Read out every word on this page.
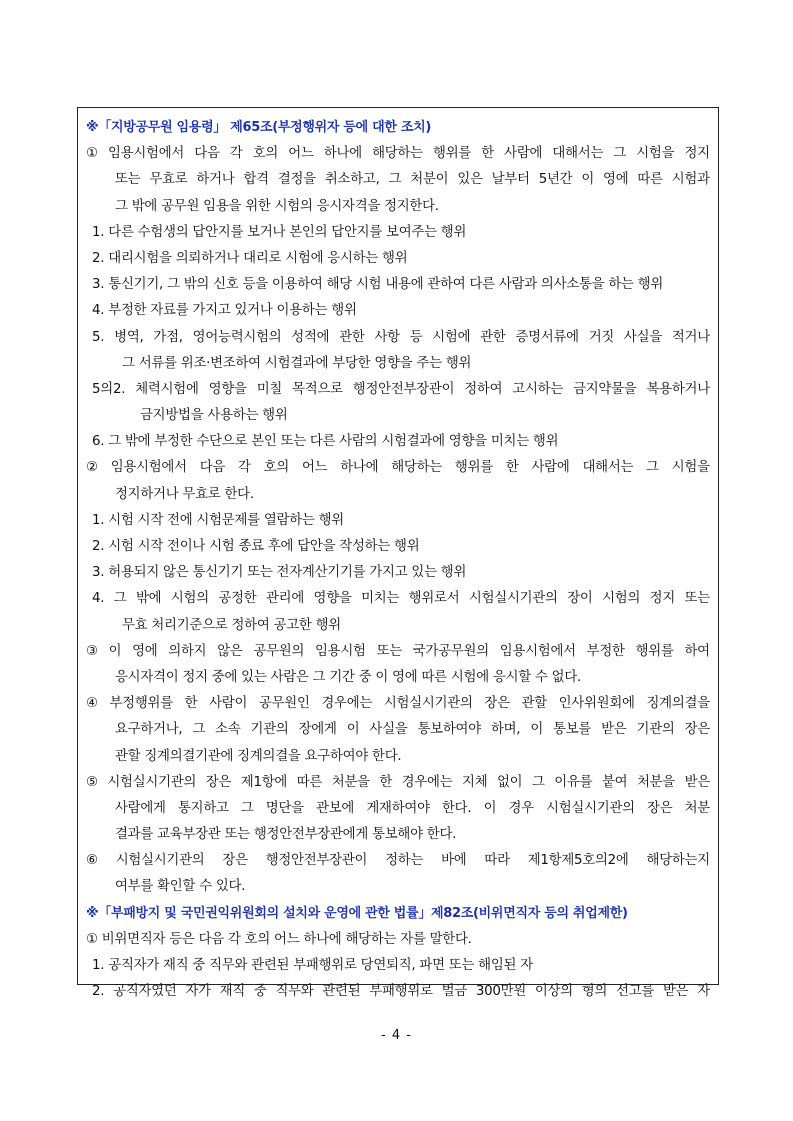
※「지방공무원 임용령」 제65조(부정행위자 등에 대한 조치)
① 임용시험에서 다음 각 호의 어느 하나에 해당하는 행위를 한 사람에 대해서는 그 시험을 정지
또는 무효로 하거나 합격 결정을 취소하고, 그 처분이 있은 날부터 5년간 이 영에 따른 시험과
그 밖에 공무원 임용을 위한 시험의 응시자격을 정지한다.
1. 다른 수험생의 답안지를 보거나 본인의 답안지를 보여주는 행위
2. 대리시험을 의뢰하거나 대리로 시험에 응시하는 행위
3. 통신기기, 그 밖의 신호 등을 이용하여 해당 시험 내용에 관하여 다른 사람과 의사소통을 하는 행위
4. 부정한 자료를 가지고 있거나 이용하는 행위
5. 병역, 가점, 영어능력시험의 성적에 관한 사항 등 시험에 관한 증명서류에 거짓 사실을 적거나
그 서류를 위조·변조하여 시험결과에 부당한 영향을 주는 행위
5의2. 체력시험에 영향을 미칠 목적으로 행정안전부장관이 정하여 고시하는 금지약물을 복용하거나
금지방법을 사용하는 행위
6. 그 밖에 부정한 수단으로 본인 또는 다른 사람의 시험결과에 영향을 미치는 행위
② 임용시험에서 다음 각 호의 어느 하나에 해당하는 행위를 한 사람에 대해서는 그 시험을
정지하거나 무효로 한다.
1. 시험 시작 전에 시험문제를 열람하는 행위
2. 시험 시작 전이나 시험 종료 후에 답안을 작성하는 행위
3. 허용되지 않은 통신기기 또는 전자계산기기를 가지고 있는 행위
4. 그 밖에 시험의 공정한 관리에 영향을 미치는 행위로서 시험실시기관의 장이 시험의 정지 또는
무효 처리기준으로 정하여 공고한 행위
③ 이 영에 의하지 않은 공무원의 임용시험 또는 국가공무원의 임용시험에서 부정한 행위를 하여
응시자격이 정지 중에 있는 사람은 그 기간 중 이 영에 따른 시험에 응시할 수 없다.
④ 부정행위를 한 사람이 공무원인 경우에는 시험실시기관의 장은 관할 인사위원회에 징계의결을
요구하거나, 그 소속 기관의 장에게 이 사실을 통보하여야 하며, 이 통보를 받은 기관의 장은
관할 징계의결기관에 징계의결을 요구하여야 한다.
⑤ 시험실시기관의 장은 제1항에 따른 처분을 한 경우에는 지체 없이 그 이유를 붙여 처분을 받은
사람에게 통지하고 그 명단을 관보에 게재하여야 한다. 이 경우 시험실시기관의 장은 처분
결과를 교육부장관 또는 행정안전부장관에게 통보해야 한다.
⑥ 시험실시기관의 장은 행정안전부장관이 정하는 바에 따라 제1항제5호의2에 해당하는지
여부를 확인할 수 있다.
※「부패방지 및 국민권익위원회의 설치와 운영에 관한 법률」제82조(비위면직자 등의 취업제한)
① 비위면직자 등은 다음 각 호의 어느 하나에 해당하는 자를 말한다.
1. 공직자가 재직 중 직무와 관련된 부패행위로 당연퇴직, 파면 또는 해임된 자
2. 공직자였던 자가 재직 중 직무와 관련된 부패행위로 벌금 300만원 이상의 형의 선고를 받은 자
- 4 -
